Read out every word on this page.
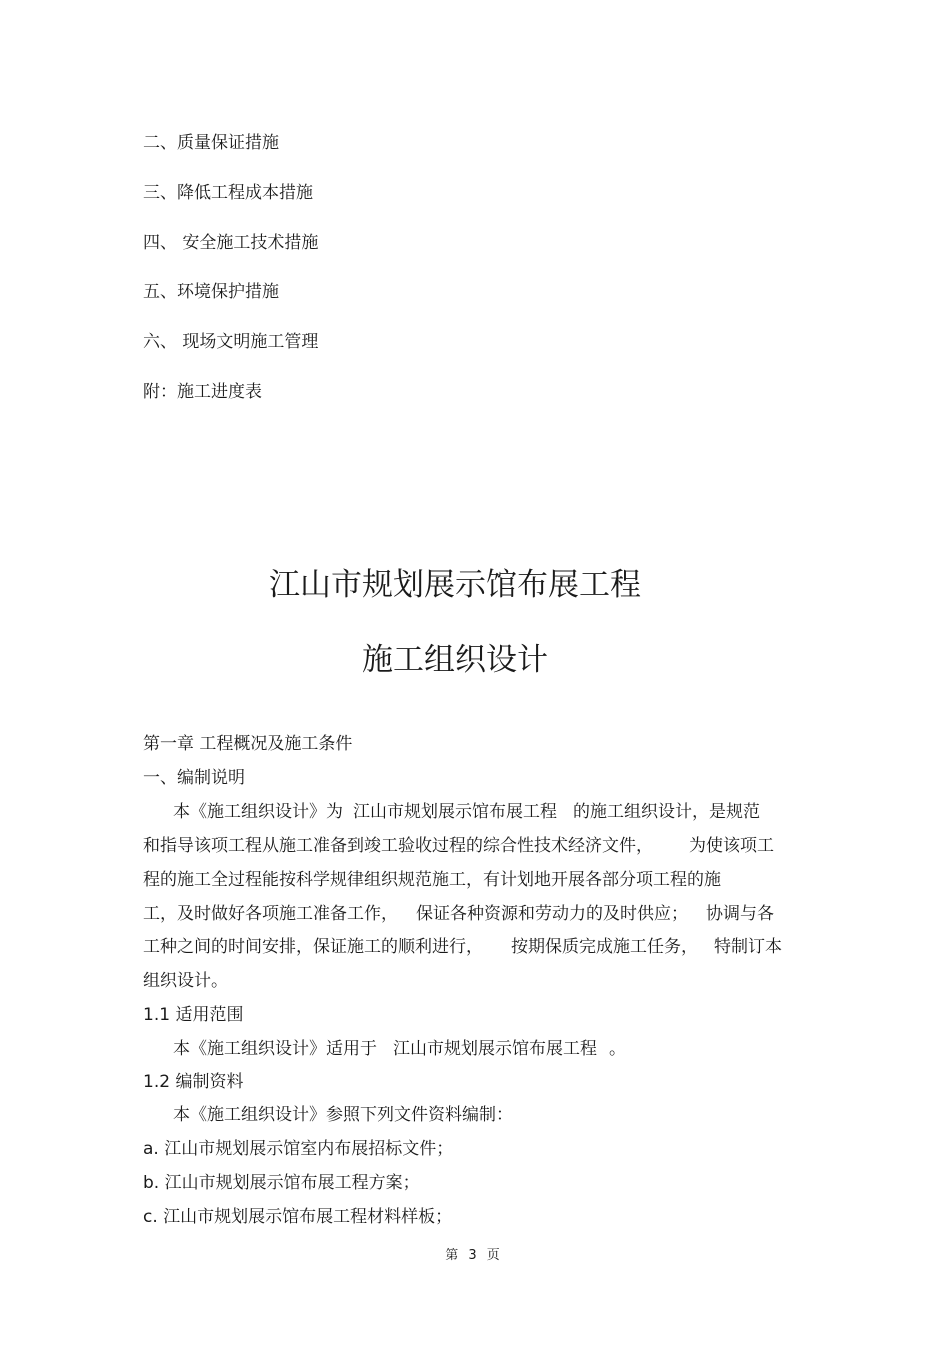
二、质量保证措施
三、降低工程成本措施
四、 安全施工技术措施
五、环境保护措施
六、 现场文明施工管理
附：施工进度表
江山市规划展示馆布展工程
施工组织设计
第一章 工程概况及施工条件
一、编制说明
本《施工组织设计》为 江山市规划展示馆布展工程 的施工组织设计，是规范
和指导该项工程从施工准备到竣工验收过程的综合性技术经济文件， 为使该项工
程的施工全过程能按科学规律组织规范施工，有计划地开展各部分项工程的施
工，及时做好各项施工准备工作， 保证各种资源和劳动力的及时供应； 协调与各
工种之间的时间安排，保证施工的顺利进行， 按期保质完成施工任务， 特制订本
组织设计。
1.1 适用范围
本《施工组织设计》适用于 江山市规划展示馆布展工程 。
1.2 编制资料
本《施工组织设计》参照下列文件资料编制：
a. 江山市规划展示馆室内布展招标文件；
b. 江山市规划展示馆布展工程方案；
c. 江山市规划展示馆布展工程材料样板；
第 3 页
